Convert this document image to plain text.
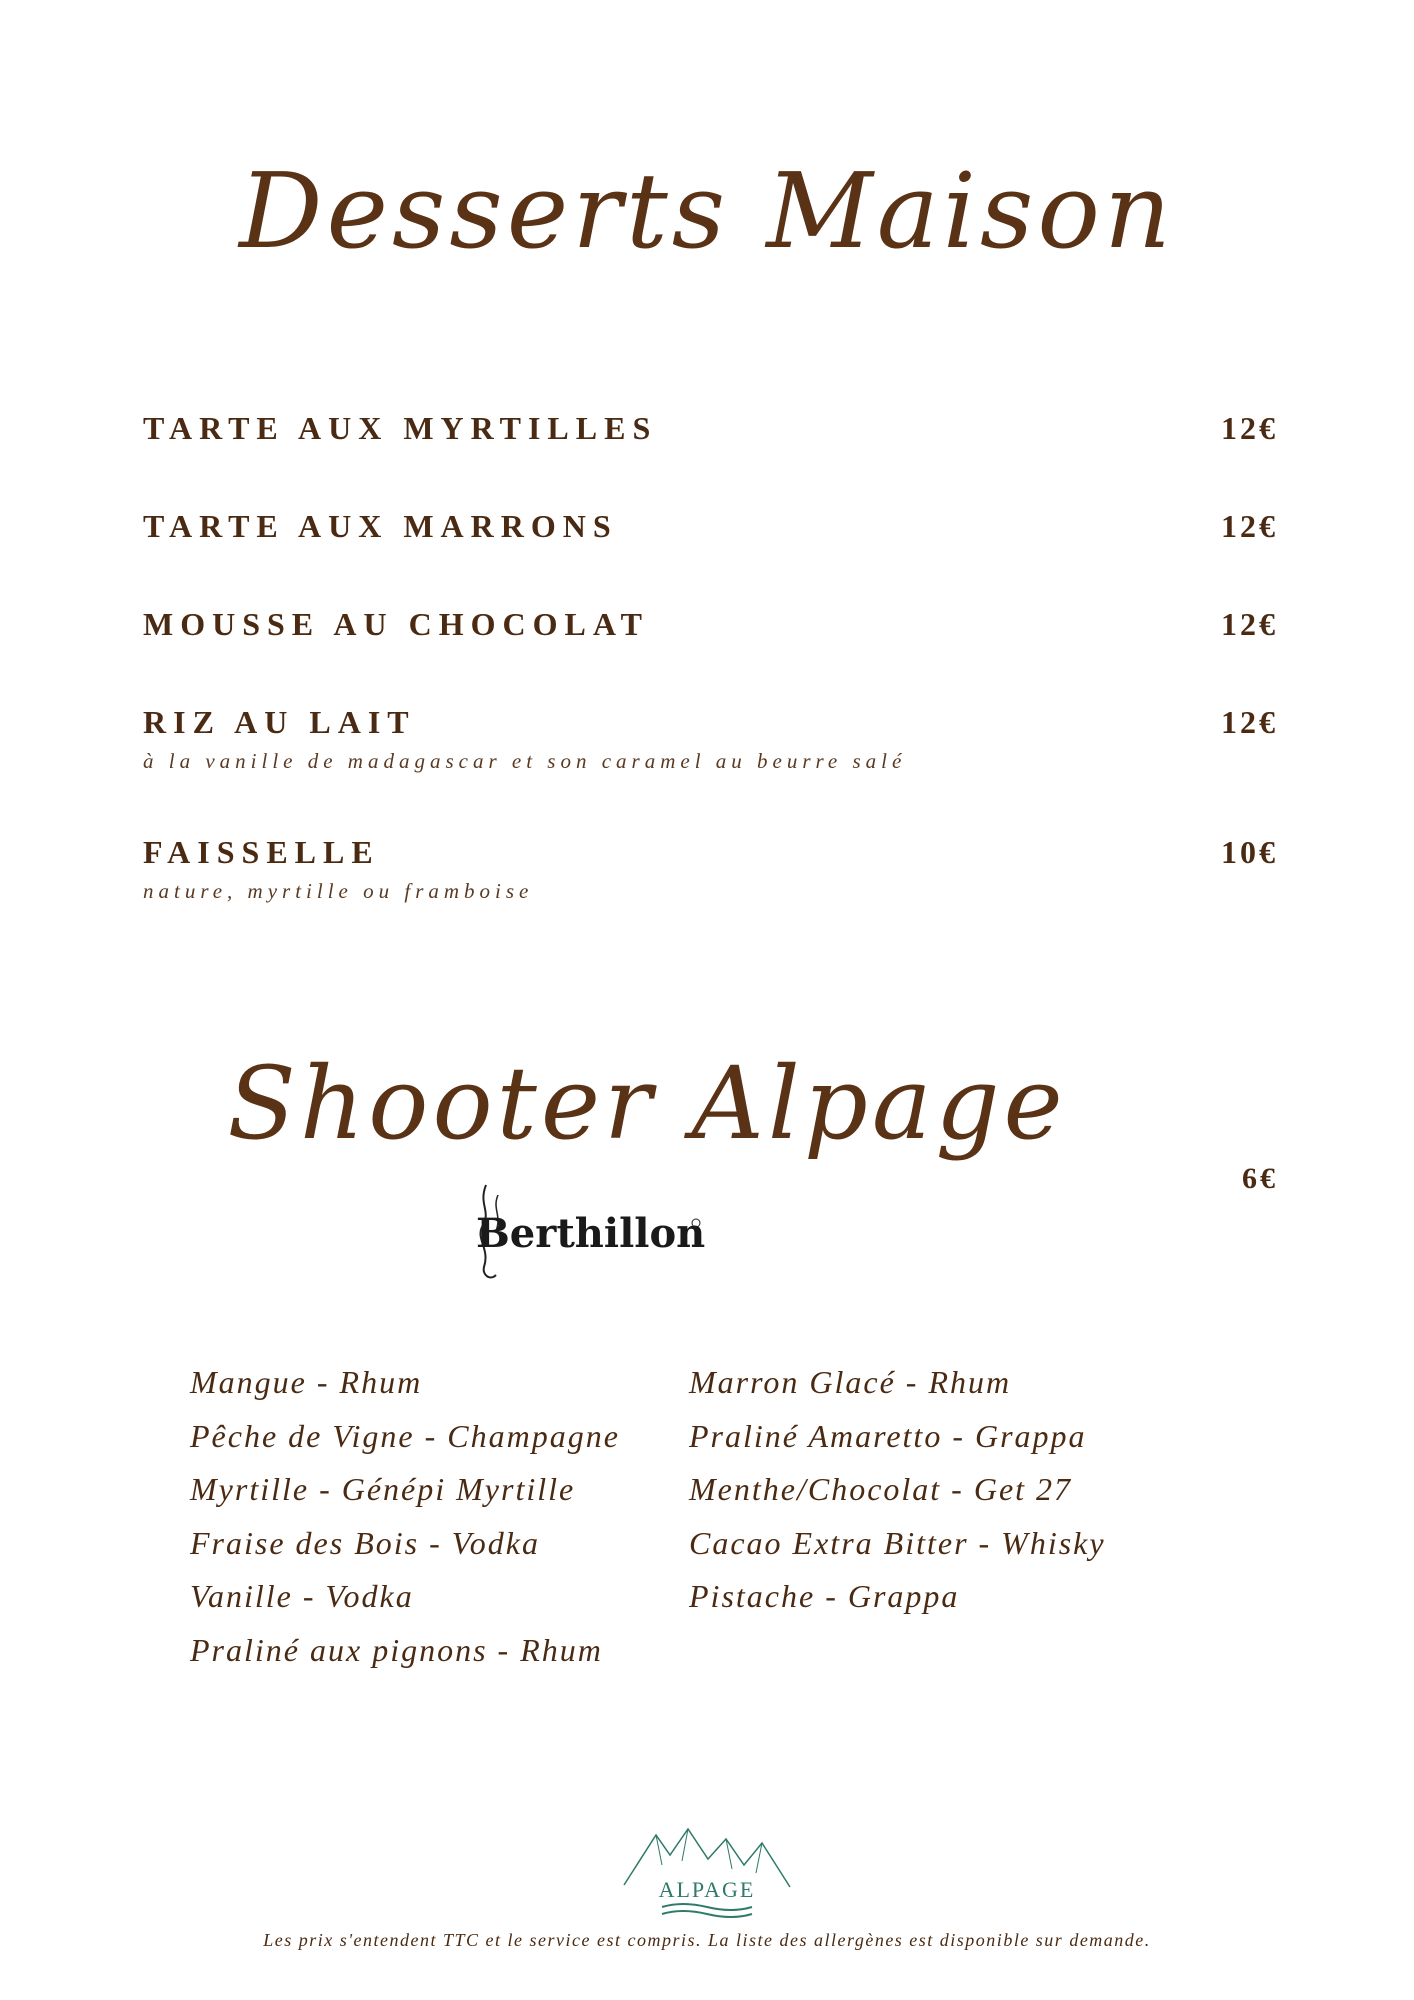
Desserts Maison
TARTE AUX MYRTILLES	12€
TARTE AUX MARRONS	12€
MOUSSE AU CHOCOLAT	12€
RIZ AU LAIT	12€
à la vanille de madagascar et son caramel au beurre salé
FAISSELLE	10€
nature, myrtille ou framboise
Shooter Alpage
6€
Berthillon
Mangue - Rhum
Pêche de Vigne - Champagne
Myrtille - Génépi Myrtille
Fraise des Bois - Vodka
Vanille - Vodka
Praliné aux pignons - Rhum
Marron Glacé - Rhum
Praliné Amaretto - Grappa
Menthe/Chocolat - Get 27
Cacao Extra Bitter - Whisky
Pistache - Grappa
ALPAGE
Les prix s'entendent TTC et le service est compris. La liste des allergènes est disponible sur demande.
